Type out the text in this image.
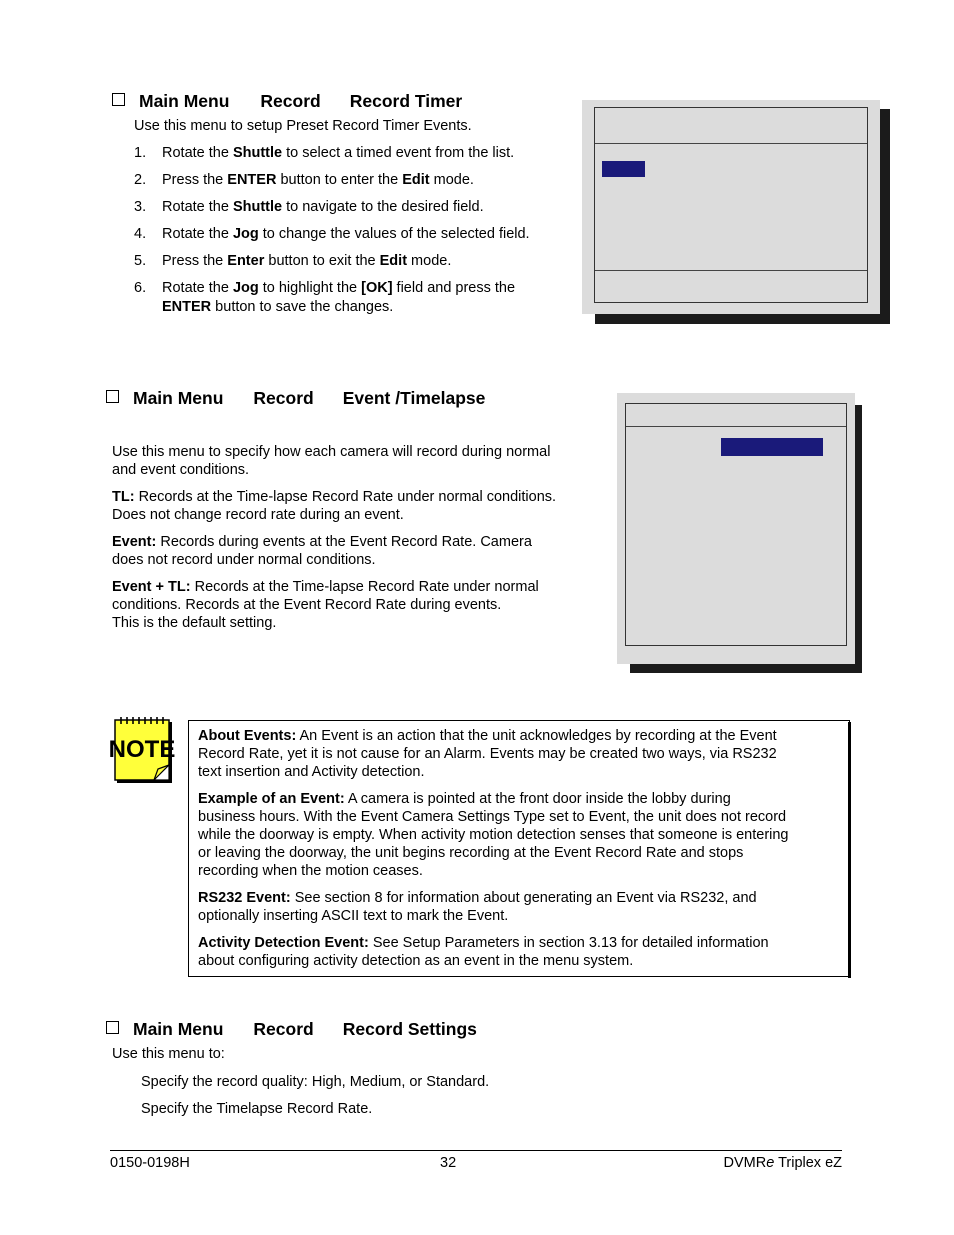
Main Menu Record Record Timer
Use this menu to setup Preset Record Timer Events.
1. Rotate the Shuttle to select a timed event from the list.
2. Press the ENTER button to enter the Edit mode.
3. Rotate the Shuttle to navigate to the desired field.
4. Rotate the Jog to change the values of the selected field.
5. Press the Enter button to exit the Edit mode.
6. Rotate the Jog to highlight the [OK] field and press the
ENTER button to save the changes.
Main Menu Record Event /Timelapse
Use this menu to specify how each camera will record during normal
and event conditions.
TL: Records at the Time-lapse Record Rate under normal conditions.
Does not change record rate during an event.
Event: Records during events at the Event Record Rate. Camera
does not record under normal conditions.
Event + TL: Records at the Time-lapse Record Rate under normal
conditions. Records at the Event Record Rate during events.
This is the default setting.
NOTE About Events: An Event is an action that the unit acknowledges by recording at the Event
Record Rate, yet it is not cause for an Alarm. Events may be created two ways, via RS232
text insertion and Activity detection.
Example of an Event: A camera is pointed at the front door inside the lobby during
business hours. With the Event Camera Settings Type set to Event, the unit does not record
while the doorway is empty. When activity motion detection senses that someone is entering
or leaving the doorway, the unit begins recording at the Event Record Rate and stops
recording when the motion ceases.
RS232 Event: See section 8 for information about generating an Event via RS232, and
optionally inserting ASCII text to mark the Event.
Activity Detection Event: See Setup Parameters in section 3.13 for detailed information
about configuring activity detection as an event in the menu system.
Main Menu Record Record Settings
Use this menu to:
Specify the record quality: High, Medium, or Standard.
Specify the Timelapse Record Rate.
0150-0198H	32	DVMRe Triplex eZ
